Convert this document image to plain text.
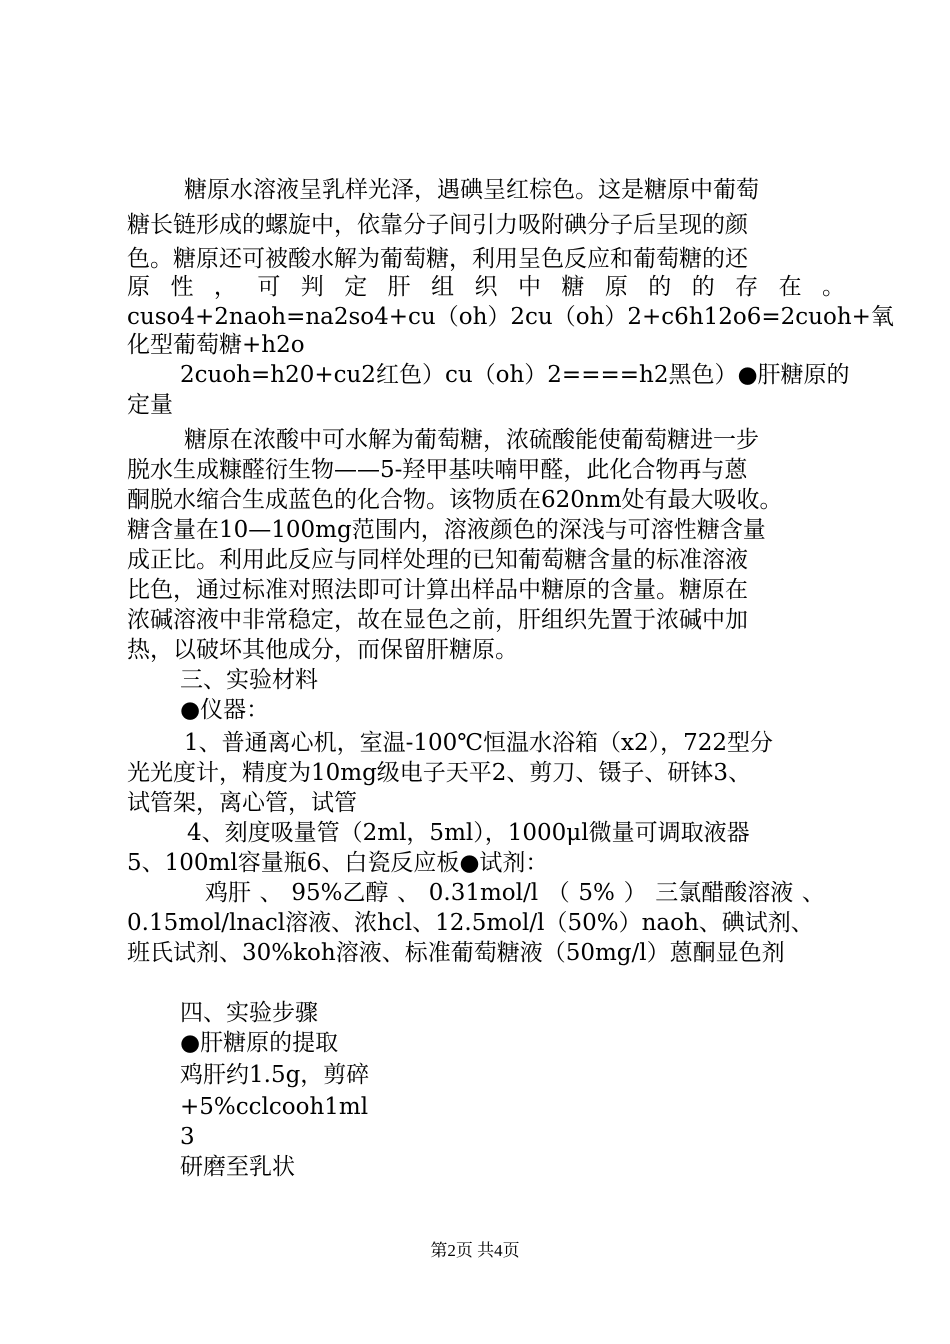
糖原水溶液呈乳样光泽，遇碘呈红棕色。这是糖原中葡萄
糖长链形成的螺旋中，依靠分子间引力吸附碘分子后呈现的颜
色。糖原还可被酸水解为葡萄糖，利用呈色反应和葡萄糖的还
原 性 ， 可 判 定 肝 组 织 中 糖 原 的 的 存 在 。
cuso4+2naoh=na2so4+cu（oh）2cu（oh）2+c6h12o6=2cuoh+氧
化型葡萄糖+h2o
2cuoh=h20+cu2红色）cu（oh）2====h2黑色）●肝糖原的
定量
糖原在浓酸中可水解为葡萄糖，浓硫酸能使葡萄糖进一步
脱水生成糠醛衍生物——5-羟甲基呋喃甲醛，此化合物再与蒽
酮脱水缩合生成蓝色的化合物。该物质在620nm处有最大吸收。
糖含量在10—100mg范围内，溶液颜色的深浅与可溶性糖含量
成正比。利用此反应与同样处理的已知葡萄糖含量的标准溶液
比色，通过标准对照法即可计算出样品中糖原的含量。糖原在
浓碱溶液中非常稳定，故在显色之前，肝组织先置于浓碱中加
热，以破坏其他成分，而保留肝糖原。
三、实验材料
●仪器：
1、普通离心机，室温-100℃恒温水浴箱（x2），722型分
光光度计，精度为10mg级电子天平2、剪刀、镊子、研钵3、
试管架，离心管，试管
4、刻度吸量管（2ml，5ml），1000μl微量可调取液器
5、100ml容量瓶6、白瓷反应板●试剂：
鸡肝 、 95%乙醇 、 0.31mol/l （ 5% ） 三氯醋酸溶液 、
0.15mol/lnacl溶液、浓hcl、12.5mol/l（50%）naoh、碘试剂、
班氏试剂、30%koh溶液、标准葡萄糖液（50mg/l）蒽酮显色剂
四、实验步骤
●肝糖原的提取
鸡肝约1.5g，剪碎
+5%cclcooh1ml
3
研磨至乳状
第2页 共4页
